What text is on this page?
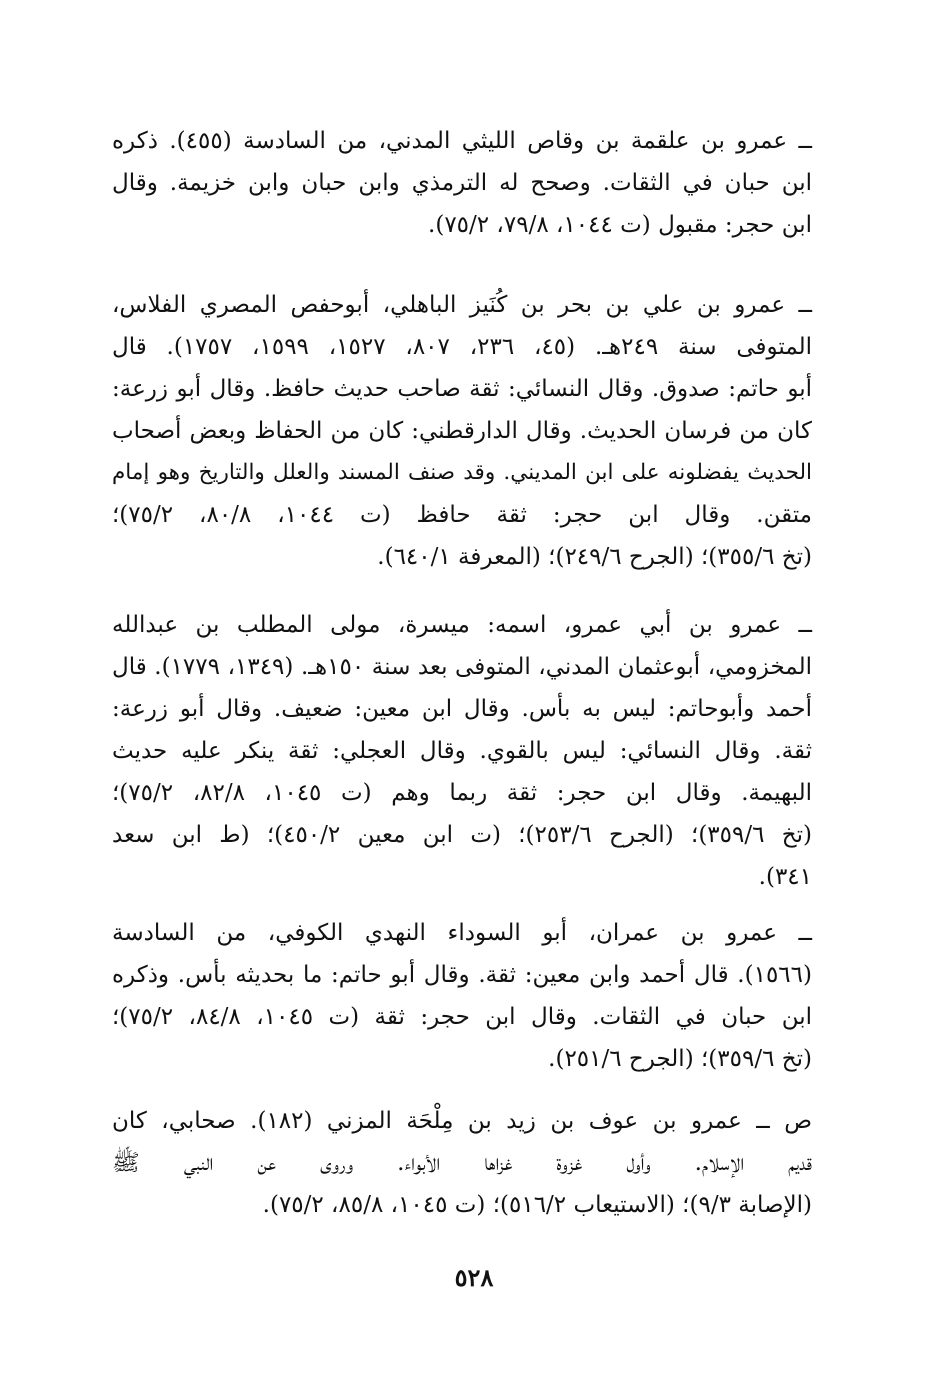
ــ عمرو بن علقمة بن وقاص الليثي المدني، من السادسة (٤٥٥). ذكره
ابن حبان في الثقات. وصحح له الترمذي وابن حبان وابن خزيمة. وقال
ابن حجر: مقبول (ت ١٠٤٤، ٧٩/٨، ٧٥/٢).
ــ عمرو بن علي بن بحر بن كُنَيز الباهلي، أبوحفص المصري الفلاس،
المتوفى سنة ٢٤٩هـ. (٤٥، ٢٣٦، ٨٠٧، ١٥٢٧، ١٥٩٩، ١٧٥٧). قال
أبو حاتم: صدوق. وقال النسائي: ثقة صاحب حديث حافظ. وقال أبو زرعة:
كان من فرسان الحديث. وقال الدارقطني: كان من الحفاظ وبعض أصحاب
الحديث يفضلونه على ابن المديني. وقد صنف المسند والعلل والتاريخ وهو إمام
متقن. وقال ابن حجر: ثقة حافظ (ت ١٠٤٤، ٨٠/٨، ٧٥/٢)؛
(تخ ٣٥٥/٦)؛ (الجرح ٢٤٩/٦)؛ (المعرفة ٦٤٠/١).
ــ عمرو بن أبي عمرو، اسمه: ميسرة، مولى المطلب بن عبدالله
المخزومي، أبوعثمان المدني، المتوفى بعد سنة ١٥٠هـ. (١٣٤٩، ١٧٧٩). قال
أحمد وأبوحاتم: ليس به بأس. وقال ابن معين: ضعيف. وقال أبو زرعة:
ثقة. وقال النسائي: ليس بالقوي. وقال العجلي: ثقة ينكر عليه حديث
البهيمة. وقال ابن حجر: ثقة ربما وهم (ت ١٠٤٥، ٨٢/٨، ٧٥/٢)؛
(تخ ٣٥٩/٦)؛ (الجرح ٢٥٣/٦)؛ (ت ابن معين ٤٥٠/٢)؛ (ط ابن سعد
٣٤١).
ــ عمرو بن عمران، أبو السوداء النهدي الكوفي، من السادسة
(١٥٦٦). قال أحمد وابن معين: ثقة. وقال أبو حاتم: ما بحديثه بأس. وذكره
ابن حبان في الثقات. وقال ابن حجر: ثقة (ت ١٠٤٥، ٨٤/٨، ٧٥/٢)؛
(تخ ٣٥٩/٦)؛ (الجرح ٢٥١/٦).
ص ــ عمرو بن عوف بن زيد بن مِلْحَة المزني (١٨٢). صحابي، كان
قديم الإسلام. وأول غزوة غزاها الأبواء. وروى عن النبي ﷺ
(الإصابة ٩/٣)؛ (الاستيعاب ٥١٦/٢)؛ (ت ١٠٤٥، ٨٥/٨، ٧٥/٢).
٥٢٨
